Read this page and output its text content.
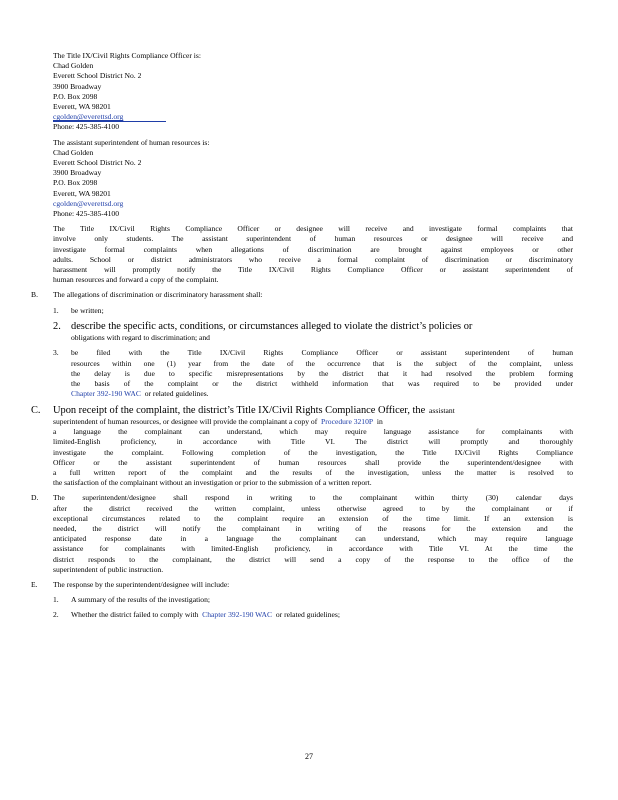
The Title IX/Civil Rights Compliance Officer is:
Chad Golden
Everett School District No. 2
3900 Broadway
P.O. Box 2098
Everett, WA 98201
cgolden@everettsd.org
Phone: 425-385-4100
The assistant superintendent of human resources is:
Chad Golden
Everett School District No. 2
3900 Broadway
P.O. Box 2098
Everett, WA 98201
cgolden@everettsd.org
Phone: 425-385-4100
The Title IX/Civil Rights Compliance Officer or designee will receive and investigate formal complaints that
involve only students. The assistant superintendent of human resources or designee will receive and
investigate formal complaints when allegations of discrimination are brought against employees or other
adults. School or district administrators who receive a formal complaint of discrimination or discriminatory
harassment will promptly notify the Title IX/Civil Rights Compliance Officer or assistant superintendent of
human resources and forward a copy of the complaint.
B. The allegations of discrimination or discriminatory harassment shall:
1. be written;
2. describe the specific acts, conditions, or circumstances alleged to violate the district’s policies or
obligations with regard to discrimination; and
3. be filed with the Title IX/Civil Rights Compliance Officer or assistant superintendent of human
resources within one (1) year from the date of the occurrence that is the subject of the complaint, unless
the delay is due to specific misrepresentations by the district that it had resolved the problem forming
the basis of the complaint or the district withheld information that was required to be provided under
Chapter 392-190 WAC or related guidelines.
C. Upon receipt of the complaint, the district’s Title IX/Civil Rights Compliance Officer, the assistant
superintendent of human resources, or designee will provide the complainant a copy of Procedure 3210P in
a language the complainant can understand, which may require language assistance for complainants with
limited-English proficiency, in accordance with Title VI. The district will promptly and thoroughly
investigate the complaint. Following completion of the investigation, the Title IX/Civil Rights Compliance
Officer or the assistant superintendent of human resources shall provide the superintendent/designee with
a full written report of the complaint and the results of the investigation, unless the matter is resolved to
the satisfaction of the complainant without an investigation or prior to the submission of a written report.
D. The superintendent/designee shall respond in writing to the complainant within thirty (30) calendar days
after the district received the written complaint, unless otherwise agreed to by the complainant or if
exceptional circumstances related to the complaint require an extension of the time limit. If an extension is
needed, the district will notify the complainant in writing of the reasons for the extension and the
anticipated response date in a language the complainant can understand, which may require language
assistance for complainants with limited-English proficiency, in accordance with Title VI. At the time the
district responds to the complainant, the district will send a copy of the response to the office of the
superintendent of public instruction.
E. The response by the superintendent/designee will include:
1. A summary of the results of the investigation;
2. Whether the district failed to comply with Chapter 392-190 WAC or related guidelines;
27
